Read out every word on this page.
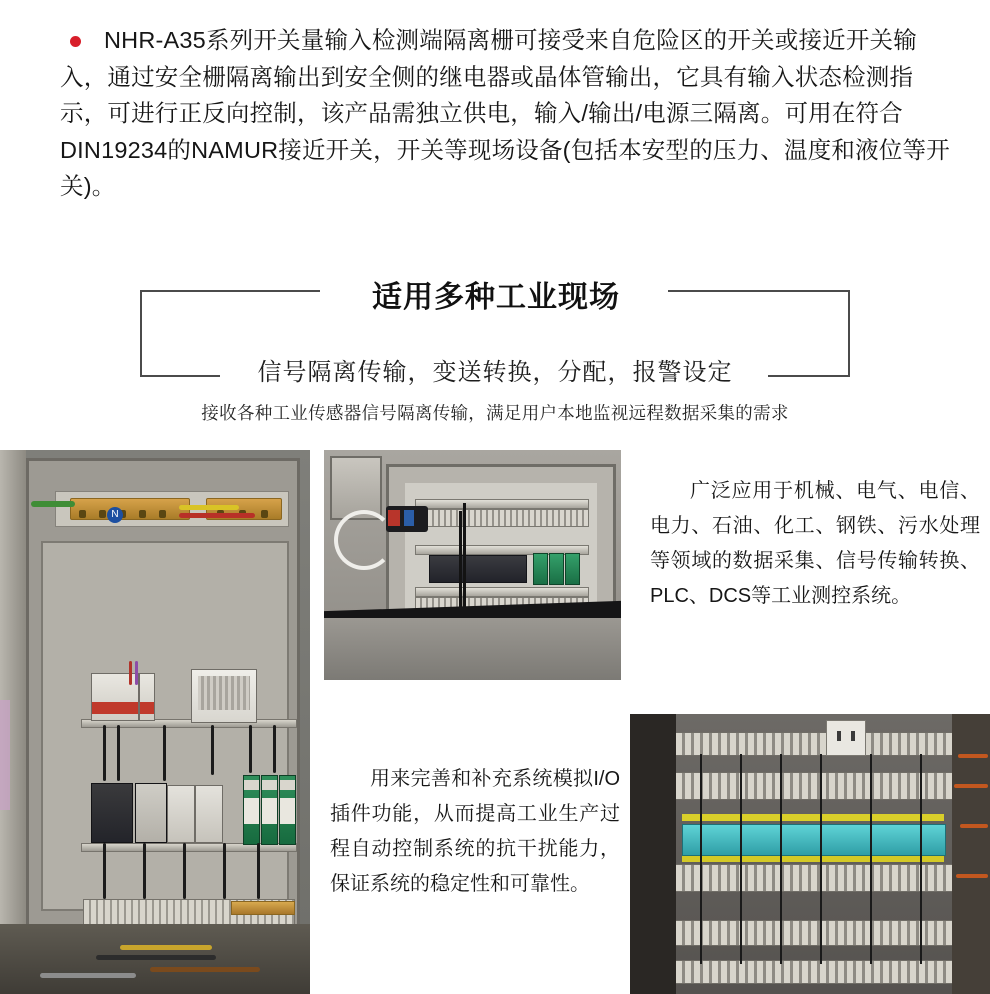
NHR-A35系列开关量输入检测端隔离栅可接受来自危险区的开关或接近开关输入，通过安全栅隔离输出到安全侧的继电器或晶体管输出，它具有输入状态检测指示，可进行正反向控制，该产品需独立供电，输入/输出/电源三隔离。可用在符合DIN19234的NAMUR接近开关，开关等现场设备(包括本安型的压力、温度和液位等开关)。
适用多种工业现场
信号隔离传输，变送转换，分配，报警设定
接收各种工业传感器信号隔离传输，满足用户本地监视远程数据采集的需求
N
广泛应用于机械、电气、电信、电力、石油、化工、钢铁、污水处理等领域的数据采集、信号传输转换、PLC、DCS等工业测控系统。
用来完善和补充系统模拟I/O插件功能，从而提高工业生产过程自动控制系统的抗干扰能力，保证系统的稳定性和可靠性。
